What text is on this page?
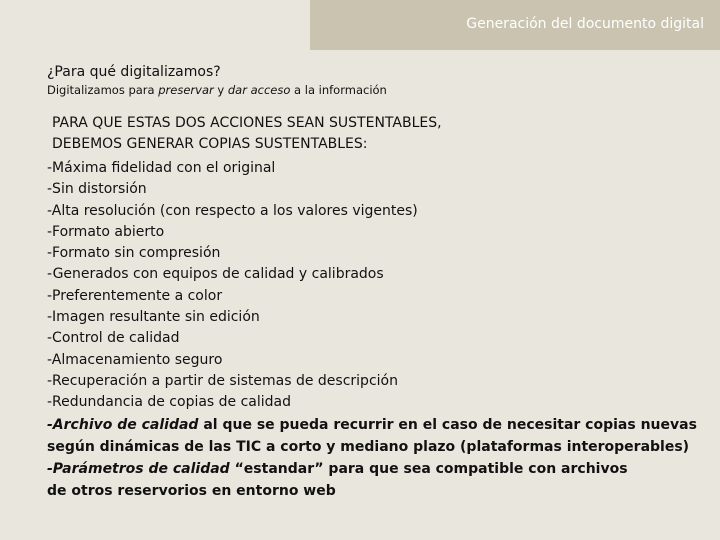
Generación del documento digital
¿Para qué digitalizamos?
Digitalizamos para preservar y dar acceso a la información
PARA QUE ESTAS DOS ACCIONES SEAN SUSTENTABLES,
DEBEMOS GENERAR COPIAS SUSTENTABLES:
-Máxima fidelidad con el original
-Sin distorsión
-Alta resolución (con respecto a los valores vigentes)
-Formato abierto
-Formato sin compresión
-Generados con equipos de calidad y calibrados
-Preferentemente a color
-Imagen resultante sin edición
-Control de calidad
-Almacenamiento seguro
-Recuperación a partir de sistemas de descripción
-Redundancia de copias de calidad
-Archivo de calidad al que se pueda recurrir en el caso de necesitar copias nuevas
según dinámicas de las TIC a corto y mediano plazo (plataformas interoperables)
-Parámetros de calidad “estandar” para que sea compatible con archivos
de otros reservorios en entorno web
